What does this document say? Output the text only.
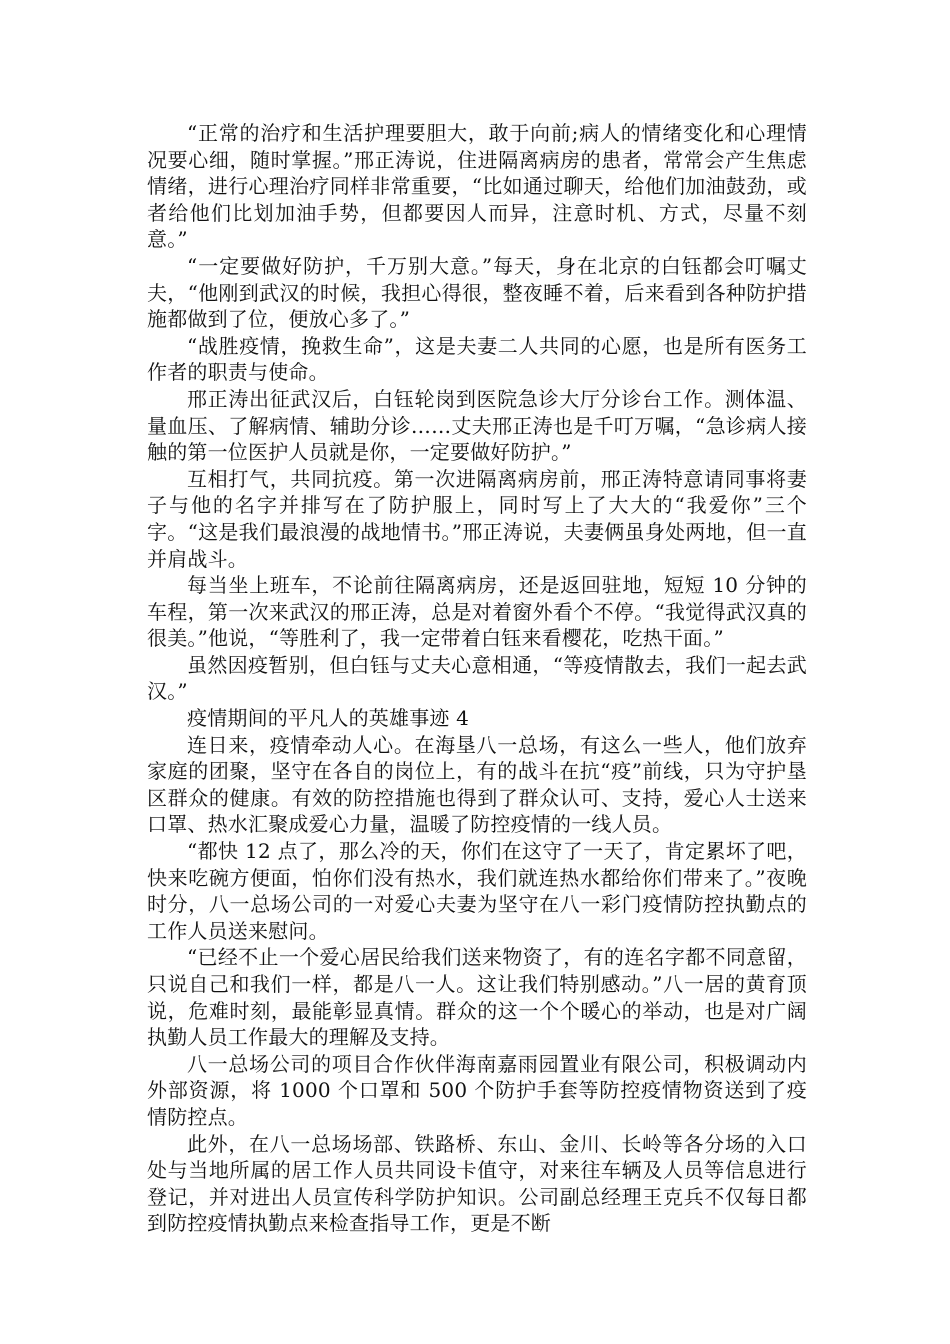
“正常的治疗和生活护理要胆大，敢于向前;病人的情绪变化和心理情况要心细，随时掌握。”邢正涛说，住进隔离病房的患者，常常会产生焦虑情绪，进行心理治疗同样非常重要，“比如通过聊天，给他们加油鼓劲，或者给他们比划加油手势，但都要因人而异，注意时机、方式，尽量不刻意。”

“一定要做好防护，千万别大意。”每天，身在北京的白钰都会叮嘱丈夫，“他刚到武汉的时候，我担心得很，整夜睡不着，后来看到各种防护措施都做到了位，便放心多了。”

“战胜疫情，挽救生命”，这是夫妻二人共同的心愿，也是所有医务工作者的职责与使命。

邢正涛出征武汉后，白钰轮岗到医院急诊大厅分诊台工作。测体温、量血压、了解病情、辅助分诊……丈夫邢正涛也是千叮万嘱，“急诊病人接触的第一位医护人员就是你，一定要做好防护。”

互相打气，共同抗疫。第一次进隔离病房前，邢正涛特意请同事将妻子与他的名字并排写在了防护服上，同时写上了大大的“我爱你”三个字。“这是我们最浪漫的战地情书。”邢正涛说，夫妻俩虽身处两地，但一直并肩战斗。

每当坐上班车，不论前往隔离病房，还是返回驻地，短短 10 分钟的车程，第一次来武汉的邢正涛，总是对着窗外看个不停。“我觉得武汉真的很美。”他说，“等胜利了，我一定带着白钰来看樱花，吃热干面。”

虽然因疫暂别，但白钰与丈夫心意相通，“等疫情散去，我们一起去武汉。”

疫情期间的平凡人的英雄事迹 4

连日来，疫情牵动人心。在海垦八一总场，有这么一些人，他们放弃家庭的团聚，坚守在各自的岗位上，有的战斗在抗“疫”前线，只为守护垦区群众的健康。有效的防控措施也得到了群众认可、支持，爱心人士送来口罩、热水汇聚成爱心力量，温暖了防控疫情的一线人员。

“都快 12 点了，那么冷的天，你们在这守了一天了，肯定累坏了吧，快来吃碗方便面，怕你们没有热水，我们就连热水都给你们带来了。”夜晚时分，八一总场公司的一对爱心夫妻为坚守在八一彩门疫情防控执勤点的工作人员送来慰问。

“已经不止一个爱心居民给我们送来物资了，有的连名字都不同意留，只说自己和我们一样，都是八一人。这让我们特别感动。”八一居的黄育顶说，危难时刻，最能彰显真情。群众的这一个个暖心的举动，也是对广阔执勤人员工作最大的理解及支持。

八一总场公司的项目合作伙伴海南嘉雨园置业有限公司，积极调动内外部资源，将 1000 个口罩和 500 个防护手套等防控疫情物资送到了疫情防控点。

此外，在八一总场场部、铁路桥、东山、金川、长岭等各分场的入口处与当地所属的居工作人员共同设卡值守，对来往车辆及人员等信息进行登记，并对进出人员宣传科学防护知识。公司副总经理王克兵不仅每日都到防控疫情执勤点来检查指导工作，更是不断
